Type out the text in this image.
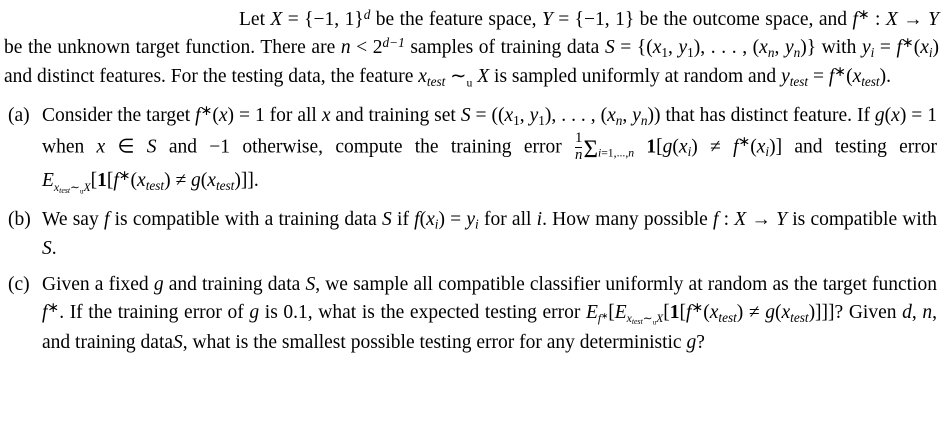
Let X = {−1, 1}$^d$ be the feature space, Y = {−1, 1} be the outcome space, and f∗ : X → Y be the unknown target function. There are $n < 2^{d-1}$ samples of training data S = {(x1, y1), . . . , ($x_n$, $y_n$)} with $y_i = f^∗(x_i)$ and distinct features. For the testing data, the feature $x_{test}$ $\sim_u$ X is sampled uniformly at random and $y_{test} = f^∗(x_{test})$.

(a) Consider the target f∗(x) = 1 for all x and training set S = ((x1, y1), . . . , ($x_n$, $y_n$)) that has distinct feature. If g(x) = 1 when x ∈ S and −1 otherwise, compute the training error $\frac{1}{n} \Sigma_{i=1,...,n}$ $1[g(x_i) \ne f^∗(x_i)]$ and testing error $E_{x_{test}\sim_uX}[1[f^∗(x_{test}) \ne g(x_{test})]]$.
(b) We say f is compatible with a training data S if $f(x_i) = y_i$ for all i. How many possible f : X → Y is compatible with S.
(c) Given a fixed g and training data S, we sample all compatible classifier uniformly at random as the target function f∗. If the training error of g is 0.1, what is the expected testing error $E_{f^∗}[E_{x_{test}\sim_uX}[1[f^∗(x_{test}) \ne g(x_{test})]]]$? Given d, n, and training dataS, what is the smallest possible testing error for any deterministic g?
